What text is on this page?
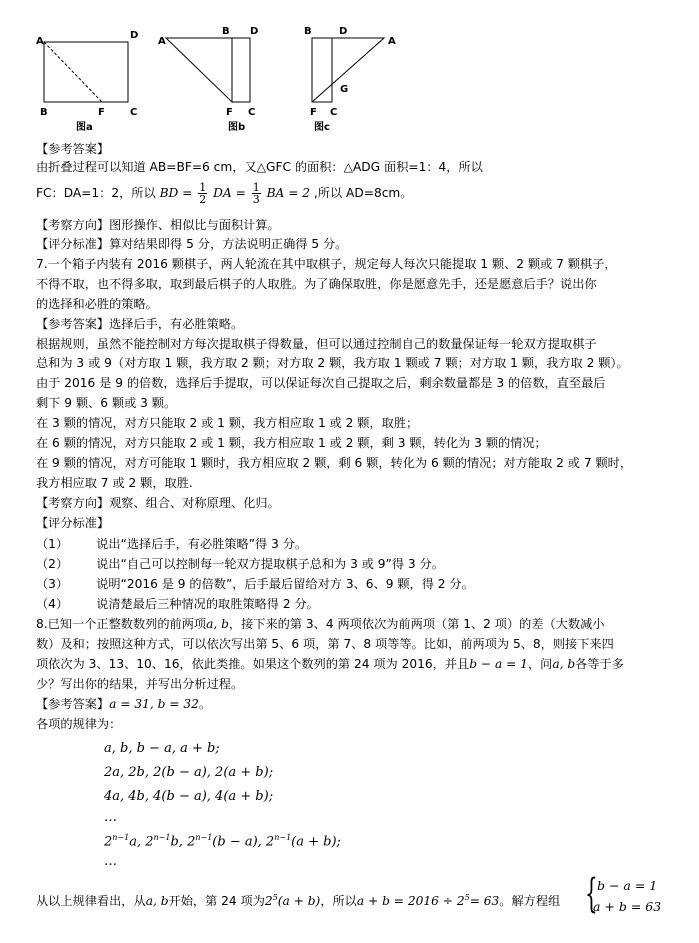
A
D
B	F	C
图a
A
B D
F C
图b
B	D
A
G
F C
图c
【参考答案】
由折叠过程可以知道 AB=BF=6 cm，又△GFC 的面积：△ADG 面积=1：4，所以
FC：DA=1：2，所以 BD = $\frac{1}{2}$ DA = $\frac{1}{3}$ BA = 2 ,所以 AD=8cm。
【考察方向】图形操作、相似比与面积计算。
【评分标准】算对结果即得 5 分，方法说明正确得 5 分。
7.一个箱子内装有 2016 颗棋子，两人轮流在其中取棋子，规定每人每次只能提取 1 颗、2 颗或 7 颗棋子，
不得不取，也不得多取，取到最后棋子的人取胜。为了确保取胜，你是愿意先手，还是愿意后手？说出你
的选择和必胜的策略。
【参考答案】选择后手，有必胜策略。
根据规则，虽然不能控制对方每次提取棋子得数量，但可以通过控制自己的数量保证每一轮双方提取棋子
总和为 3 或 9（对方取 1 颗，我方取 2 颗；对方取 2 颗，我方取 1 颗或 7 颗；对方取 1 颗，我方取 2 颗）。
由于 2016 是 9 的倍数，选择后手提取，可以保证每次自己提取之后，剩余数量都是 3 的倍数，直至最后
剩下 9 颗、6 颗或 3 颗。
在 3 颗的情况，对方只能取 2 或 1 颗，我方相应取 1 或 2 颗，取胜；
在 6 颗的情况，对方只能取 2 或 1 颗，我方相应取 1 或 2 颗，剩 3 颗，转化为 3 颗的情况；
在 9 颗的情况，对方可能取 1 颗时，我方相应取 2 颗，剩 6 颗，转化为 6 颗的情况；对方能取 2 或 7 颗时，
我方相应取 7 或 2 颗，取胜.
【考察方向】观察、组合、对称原理、化归。
【评分标准】
（1） 说出“选择后手，有必胜策略”得 3 分。
（2） 说出“自己可以控制每一轮双方提取棋子总和为 3 或 9”得 3 分。
（3） 说明“2016 是 9 的倍数”，后手最后留给对方 3、6、9 颗，得 2 分。
（4） 说清楚最后三种情况的取胜策略得 2 分。
8.已知一个正整数数列的前两项a, b，接下来的第 3、4 两项依次为前两项（第 1、2 项）的差（大数减小
数）及和；按照这种方式，可以依次写出第 5、6 项，第 7、8 项等等。比如，前两项为 5、8，则接下来四
项依次为 3、13、10、16，依此类推。如果这个数列的第 24 项为 2016，并且b − a = 1，问a, b各等于多
少？写出你的结果，并写出分析过程。
【参考答案】a = 31, b = 32。
各项的规律为：
a, b, b − a, a + b;
2a, 2b, 2(b − a), 2(a + b);
4a, 4b, 4(b − a), 4(a + b);
…
$2^{n-1}a$, $2^{n-1}b$, $2^{n-1}(b - a)$, $2^{n-1}(a + b)$;
…
从以上规律看出，从a, b开始，第 24 项为$2^5(a + b)$，所以$a + b = 2016 \div 2^5= 63$。解方程组 { b − a = 1
a + b = 63
